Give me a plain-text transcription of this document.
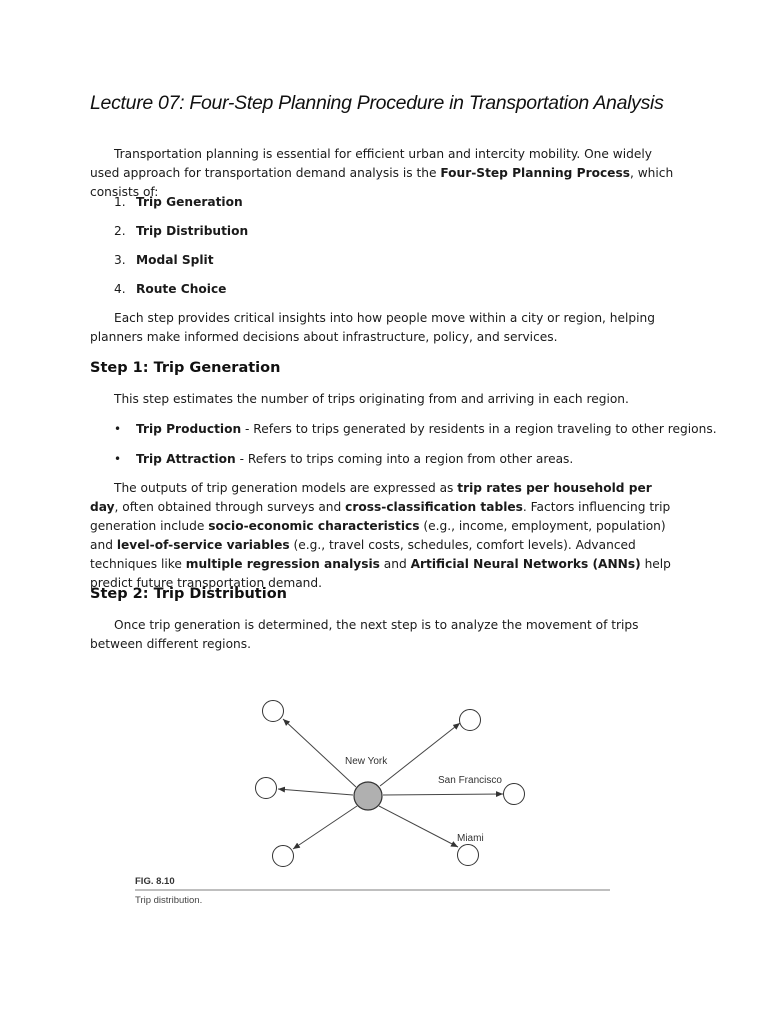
Lecture 07: Four-Step Planning Procedure in Transportation Analysis

Transportation planning is essential for efficient urban and intercity mobility. One widely used approach for transportation demand analysis is the Four-Step Planning Process, which consists of:

1. Trip Generation
2. Trip Distribution
3. Modal Split
4. Route Choice

Each step provides critical insights into how people move within a city or region, helping planners make informed decisions about infrastructure, policy, and services.

Step 1: Trip Generation

This step estimates the number of trips originating from and arriving in each region.

• Trip Production - Refers to trips generated by residents in a region traveling to other regions.
• Trip Attraction - Refers to trips coming into a region from other areas.

The outputs of trip generation models are expressed as trip rates per household per day, often obtained through surveys and cross-classification tables. Factors influencing trip generation include socio-economic characteristics (e.g., income, employment, population) and level-of-service variables (e.g., travel costs, schedules, comfort levels). Advanced techniques like multiple regression analysis and Artificial Neural Networks (ANNs) help predict future transportation demand.

Step 2: Trip Distribution

Once trip generation is determined, the next step is to analyze the movement of trips between different regions.

New York
San Francisco
Miami
FIG. 8.10
Trip distribution.
